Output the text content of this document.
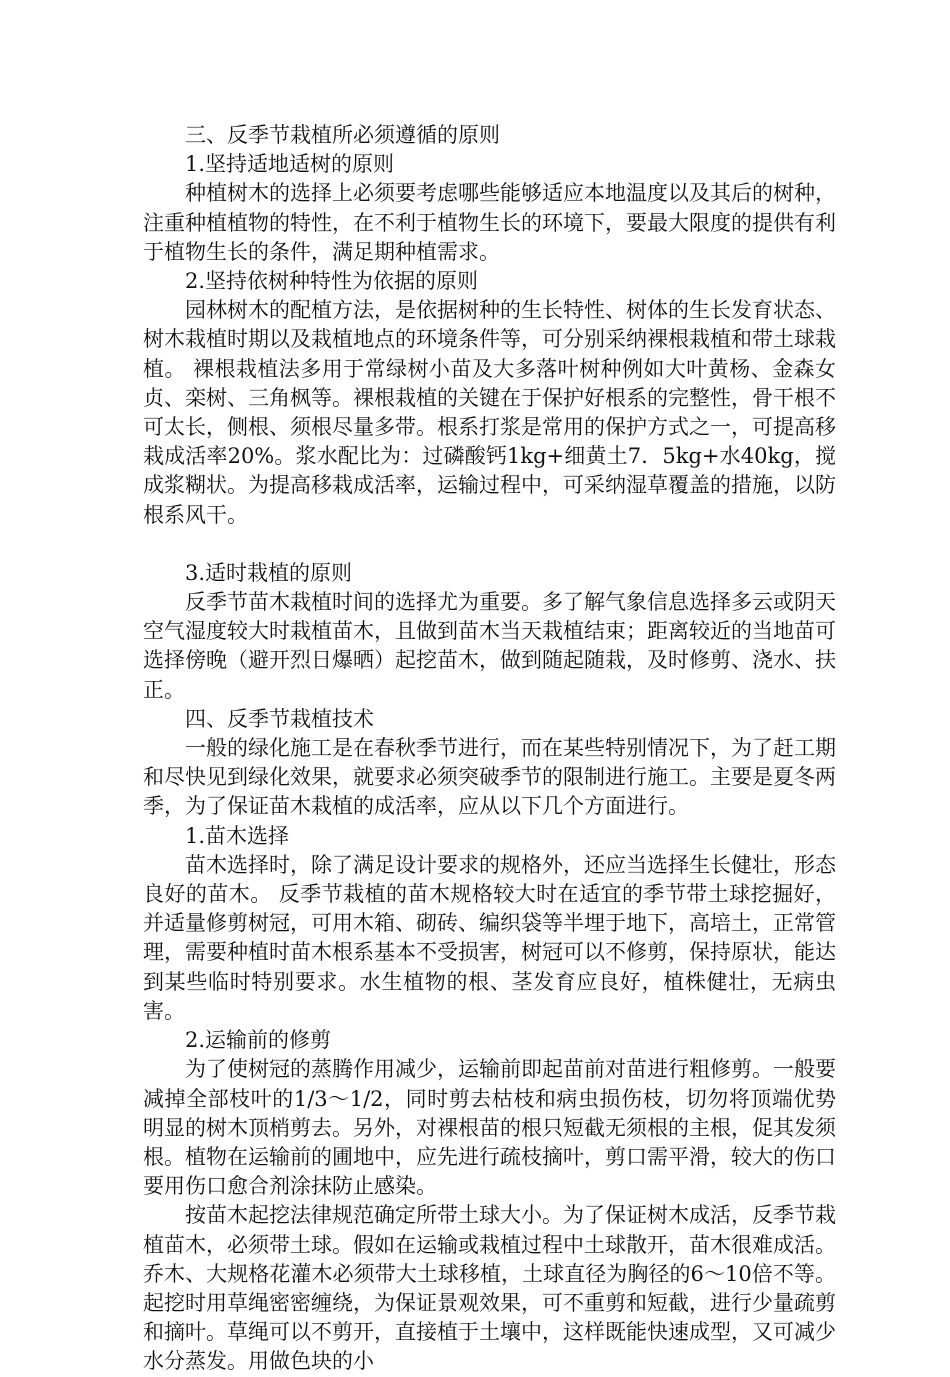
三、反季节栽植所必须遵循的原则

1.坚持适地适树的原则

种植树木的选择上必须要考虑哪些能够适应本地温度以及其后的树种，注重种植植物的特性，在不利于植物生长的环境下，要最大限度的提供有利于植物生长的条件，满足期种植需求。

2.坚持依树种特性为依据的原则

园林树木的配植方法，是依据树种的生长特性、树体的生长发育状态、树木栽植时期以及栽植地点的环境条件等，可分别采纳裸根栽植和带土球栽植。 裸根栽植法多用于常绿树小苗及大多落叶树种例如大叶黄杨、金森女贞、栾树、三角枫等。裸根栽植的关键在于保护好根系的完整性，骨干根不可太长，侧根、须根尽量多带。根系打浆是常用的保护方式之一，可提高移栽成活率20%。浆水配比为：过磷酸钙1kg+细黄土7．5kg+水40kg，搅成浆糊状。为提高移栽成活率，运输过程中，可采纳湿草覆盖的措施，以防根系风干。

3.适时栽植的原则

反季节苗木栽植时间的选择尤为重要。多了解气象信息选择多云或阴天空气湿度较大时栽植苗木，且做到苗木当天栽植结束；距离较近的当地苗可选择傍晚（避开烈日爆晒）起挖苗木，做到随起随栽，及时修剪、浇水、扶正。

四、反季节栽植技术

一般的绿化施工是在春秋季节进行，而在某些特别情况下，为了赶工期和尽快见到绿化效果，就要求必须突破季节的限制进行施工。主要是夏冬两季，为了保证苗木栽植的成活率，应从以下几个方面进行。

1.苗木选择

苗木选择时，除了满足设计要求的规格外，还应当选择生长健壮，形态良好的苗木。 反季节栽植的苗木规格较大时在适宜的季节带土球挖掘好，并适量修剪树冠，可用木箱、砌砖、编织袋等半埋于地下，高培土，正常管理，需要种植时苗木根系基本不受损害，树冠可以不修剪，保持原状，能达到某些临时特别要求。水生植物的根、茎发育应良好，植株健壮，无病虫害。

2.运输前的修剪

为了使树冠的蒸腾作用减少，运输前即起苗前对苗进行粗修剪。一般要减掉全部枝叶的1/3～1/2，同时剪去枯枝和病虫损伤枝，切勿将顶端优势明显的树木顶梢剪去。另外，对裸根苗的根只短截无须根的主根，促其发须根。植物在运输前的圃地中，应先进行疏枝摘叶，剪口需平滑，较大的伤口要用伤口愈合剂涂抹防止感染。

按苗木起挖法律规范确定所带土球大小。为了保证树木成活，反季节栽植苗木，必须带土球。假如在运输或栽植过程中土球散开，苗木很难成活。乔木、大规格花灌木必须带大土球移植，土球直径为胸径的6～10倍不等。起挖时用草绳密密缠绕，为保证景观效果，可不重剪和短截，进行少量疏剪和摘叶。草绳可以不剪开，直接植于土壤中，这样既能快速成型，又可减少水分蒸发。用做色块的小
